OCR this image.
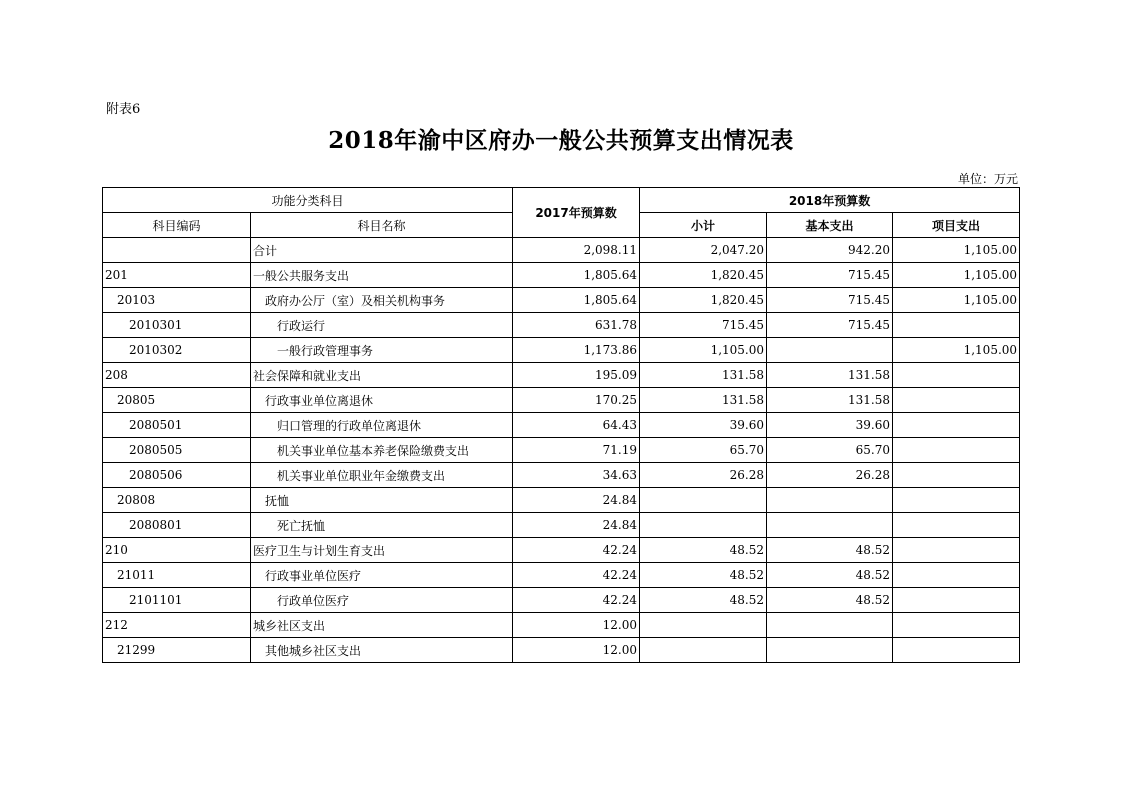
附表6
2018年渝中区府办一般公共预算支出情况表
单位：万元
功能分类科目		2017年预算数	2018年预算数		
科目编码	科目名称		小计	基本支出	项目支出
	合计	2,098.11	2,047.20	942.20	1,105.00
201	一般公共服务支出	1,805.64	1,820.45	715.45	1,105.00
20103	政府办公厅（室）及相关机构事务	1,805.64	1,820.45	715.45	1,105.00
2010301	行政运行	631.78	715.45	715.45	
2010302	一般行政管理事务	1,173.86	1,105.00		1,105.00
208	社会保障和就业支出	195.09	131.58	131.58	
20805	行政事业单位离退休	170.25	131.58	131.58	
2080501	归口管理的行政单位离退休	64.43	39.60	39.60	
2080505	机关事业单位基本养老保险缴费支出	71.19	65.70	65.70	
2080506	机关事业单位职业年金缴费支出	34.63	26.28	26.28	
20808	抚恤	24.84			
2080801	死亡抚恤	24.84			
210	医疗卫生与计划生育支出	42.24	48.52	48.52	
21011	行政事业单位医疗	42.24	48.52	48.52	
2101101	行政单位医疗	42.24	48.52	48.52	
212	城乡社区支出	12.00			
21299	其他城乡社区支出	12.00			
